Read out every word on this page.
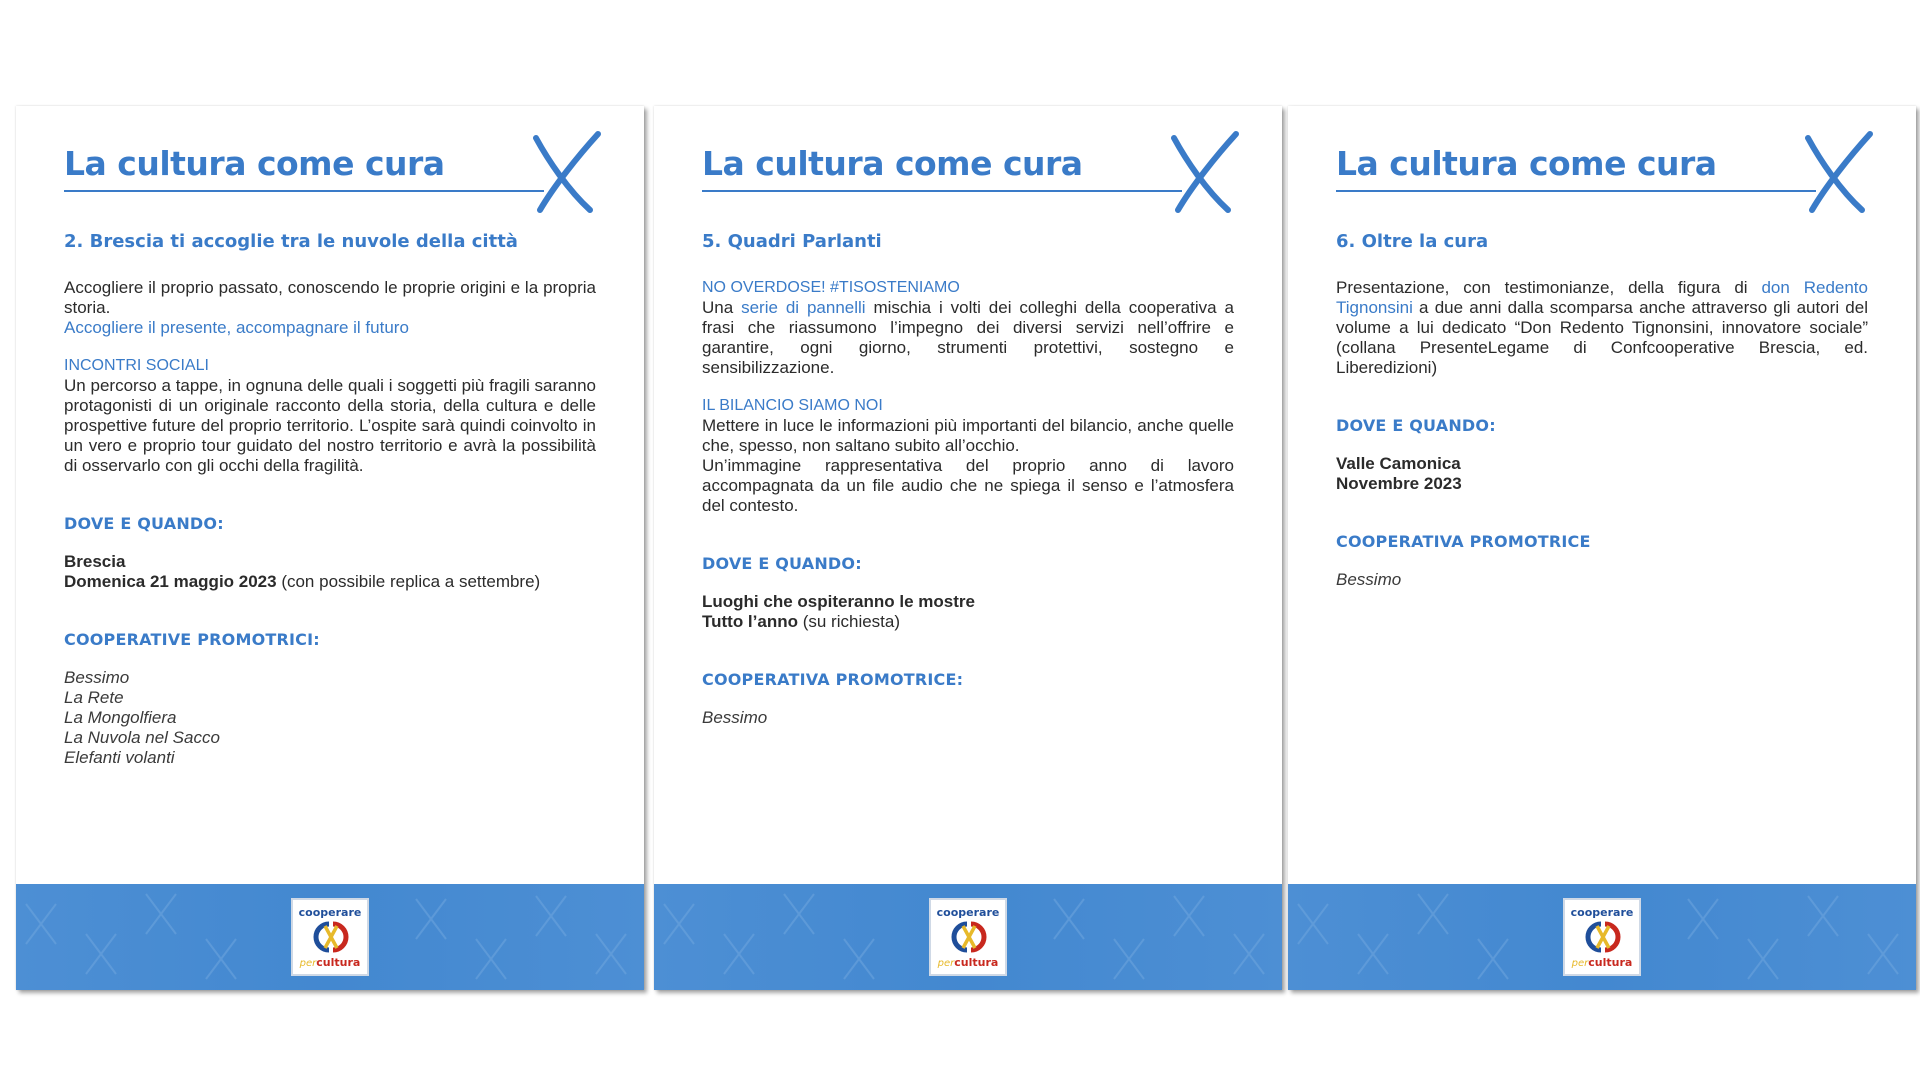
La cultura come cura
2. Brescia ti accoglie tra le nuvole della città
Accogliere il proprio passato, conoscendo le proprie origini e la propria storia.
Accogliere il presente, accompagnare il futuro
INCONTRI SOCIALI
Un percorso a tappe, in ognuna delle quali i soggetti più fragili saranno protagonisti di un originale racconto della storia, della cultura e delle prospettive future del proprio territorio. L’ospite sarà quindi coinvolto in un vero e proprio tour guidato del nostro territorio e avrà la possibilità di osservarlo con gli occhi della fragilità.
DOVE E QUANDO:
Brescia
Domenica 21 maggio 2023 (con possibile replica a settembre)
COOPERATIVE PROMOTRICI:
Bessimo
La Rete
La Mongolfiera
La Nuvola nel Sacco
Elefanti volanti
cooperare
percultura
La cultura come cura
5. Quadri Parlanti
NO OVERDOSE! #TISOSTENIAMO
Una serie di pannelli mischia i volti dei colleghi della cooperativa a frasi che riassumono l’impegno dei diversi servizi nell’offrire e garantire, ogni giorno, strumenti protettivi, sostegno e sensibilizzazione.
IL BILANCIO SIAMO NOI
Mettere in luce le informazioni più importanti del bilancio, anche quelle che, spesso, non saltano subito all’occhio.
Un’immagine rappresentativa del proprio anno di lavoro accompagnata da un file audio che ne spiega il senso e l’atmosfera del contesto.
DOVE E QUANDO:
Luoghi che ospiteranno le mostre
Tutto l’anno (su richiesta)
COOPERATIVA PROMOTRICE:
Bessimo
cooperare
percultura
La cultura come cura
6. Oltre la cura
Presentazione, con testimonianze, della figura di don Redento Tignonsini a due anni dalla scomparsa anche attraverso gli autori del volume a lui dedicato “Don Redento Tignonsini, innovatore sociale” (collana PresenteLegame di Confcooperative Brescia, ed. Liberedizioni)
DOVE E QUANDO:
Valle Camonica
Novembre 2023
COOPERATIVA PROMOTRICE
Bessimo
cooperare
percultura
